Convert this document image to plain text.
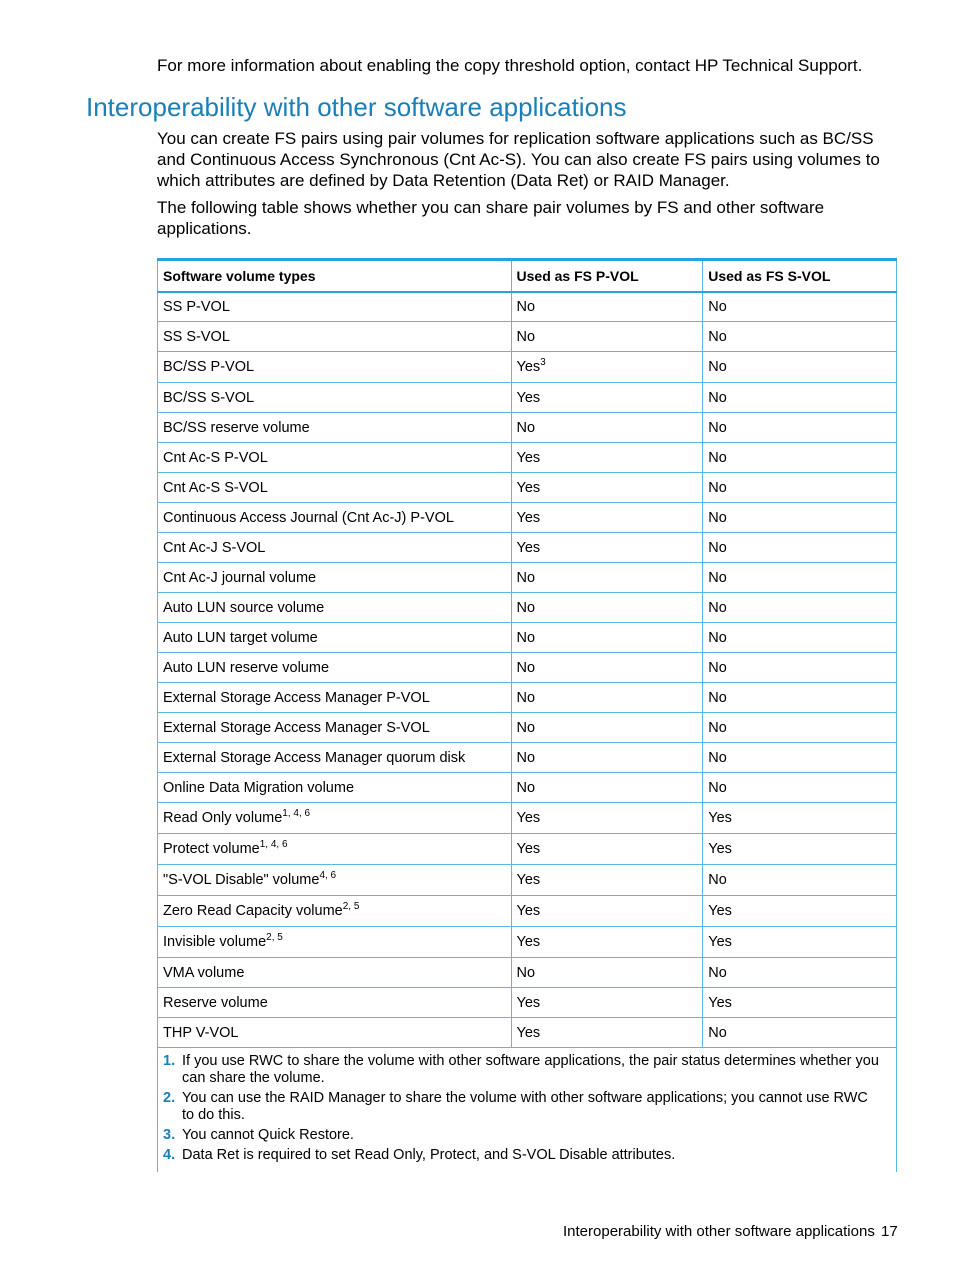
For more information about enabling the copy threshold option, contact HP Technical Support.

Interoperability with other software applications

You can create FS pairs using pair volumes for replication software applications such as BC/SS and Continuous Access Synchronous (Cnt Ac-S). You can also create FS pairs using volumes to which attributes are defined by Data Retention (Data Ret) or RAID Manager.

The following table shows whether you can share pair volumes by FS and other software applications.

Software volume types	Used as FS P-VOL	Used as FS S-VOL
SS P-VOL	No	No
SS S-VOL	No	No
BC/SS P-VOL	Yes$^3$	No
BC/SS S-VOL	Yes	No
BC/SS reserve volume	No	No
Cnt Ac-S P-VOL	Yes	No
Cnt Ac-S S-VOL	Yes	No
Continuous Access Journal (Cnt Ac-J) P-VOL	Yes	No
Cnt Ac-J S-VOL	Yes	No
Cnt Ac-J journal volume	No	No
Auto LUN source volume	No	No
Auto LUN target volume	No	No
Auto LUN reserve volume	No	No
External Storage Access Manager P-VOL	No	No
External Storage Access Manager S-VOL	No	No
External Storage Access Manager quorum disk	No	No
Online Data Migration volume	No	No
Read Only volume$^{1, 4, 6}$	Yes	Yes
Protect volume$^{1, 4, 6}$	Yes	Yes
"S-VOL Disable" volume$^{4, 6}$	Yes	No
Zero Read Capacity volume$^{2, 5}$	Yes	Yes
Invisible volume$^{2, 5}$	Yes	Yes
VMA volume	No	No
Reserve volume	Yes	Yes
THP V-VOL	Yes	No
1. If you use RWC to share the volume with other software applications, the pair status determines whether you can share the volume.
2. You can use the RAID Manager to share the volume with other software applications; you cannot use RWC to do this.
3. You cannot Quick Restore.
4. Data Ret is required to set Read Only, Protect, and S-VOL Disable attributes.
Interoperability with other software applications 17
